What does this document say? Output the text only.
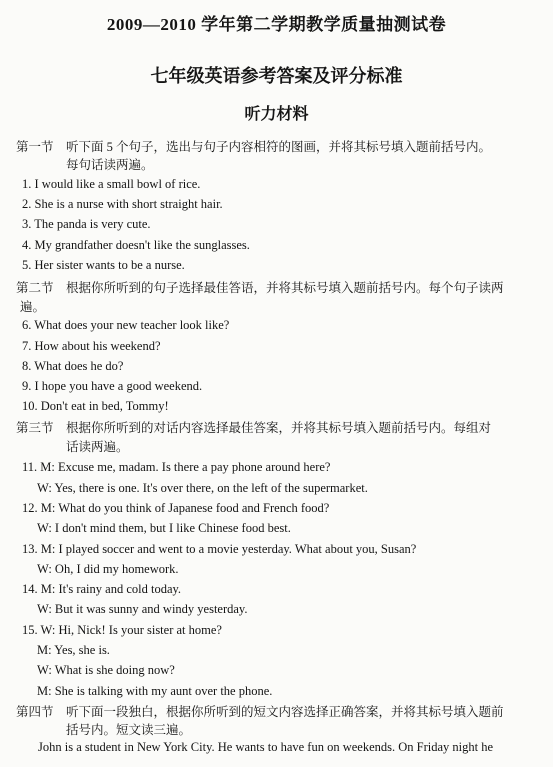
2009—2010 学年第二学期教学质量抽测试卷
七年级英语参考答案及评分标准
听力材料
第一节 听下面 5 个句子，选出与句子内容相符的图画，并将其标号填入题前括号内。
每句话读两遍。
1. I would like a small bowl of rice.
2. She is a nurse with short straight hair.
3. The panda is very cute.
4. My grandfather doesn't like the sunglasses.
5. Her sister wants to be a nurse.
第二节 根据你所听到的句子选择最佳答语，并将其标号填入题前括号内。每个句子读两
遍。
6. What does your new teacher look like?
7. How about his weekend?
8. What does he do?
9. I hope you have a good weekend.
10. Don't eat in bed, Tommy!
第三节 根据你所听到的对话内容选择最佳答案，并将其标号填入题前括号内。每组对
话读两遍。
11. M: Excuse me, madam. Is there a pay phone around here?
W: Yes, there is one. It's over there, on the left of the supermarket.
12. M: What do you think of Japanese food and French food?
W: I don't mind them, but I like Chinese food best.
13. M: I played soccer and went to a movie yesterday. What about you, Susan?
W: Oh, I did my homework.
14. M: It's rainy and cold today.
W: But it was sunny and windy yesterday.
15. W: Hi, Nick! Is your sister at home?
M: Yes, she is.
W: What is she doing now?
M: She is talking with my aunt over the phone.
第四节 听下面一段独白，根据你所听到的短文内容选择正确答案，并将其标号填入题前
括号内。短文读三遍。
John is a student in New York City. He wants to have fun on weekends. On Friday night he
